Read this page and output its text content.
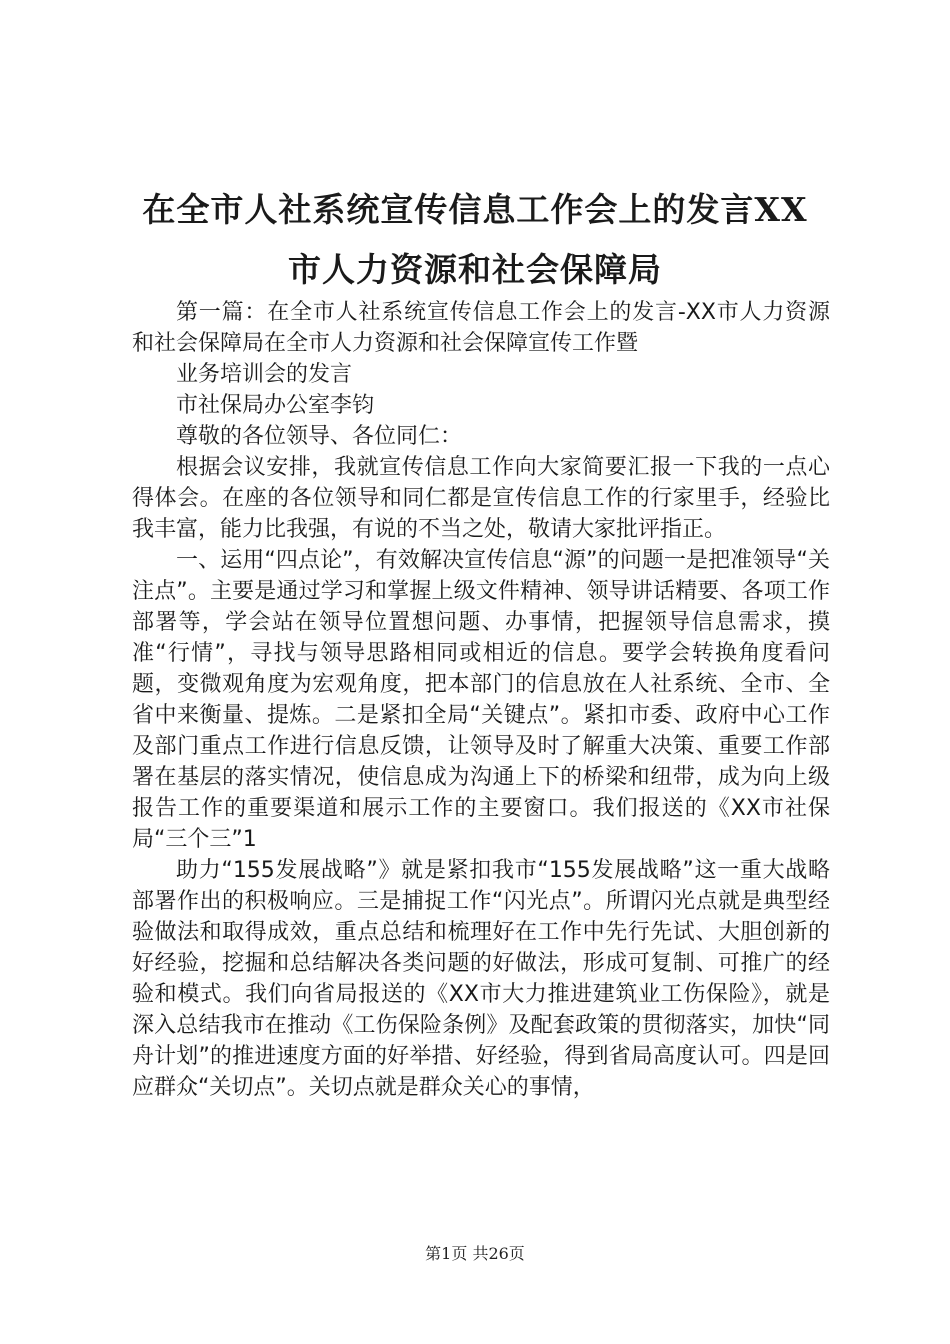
在全市人社系统宣传信息工作会上的发言XX
市人力资源和社会保障局

第一篇：在全市人社系统宣传信息工作会上的发言-XX市人力资源和社会保障局在全市人力资源和社会保障宣传工作暨

业务培训会的发言

市社保局办公室李钧

尊敬的各位领导、各位同仁：

根据会议安排，我就宣传信息工作向大家简要汇报一下我的一点心得体会。在座的各位领导和同仁都是宣传信息工作的行家里手，经验比我丰富，能力比我强，有说的不当之处，敬请大家批评指正。

一、运用“四点论”，有效解决宣传信息“源”的问题一是把准领导“关注点”。主要是通过学习和掌握上级文件精神、领导讲话精要、各项工作部署等，学会站在领导位置想问题、办事情，把握领导信息需求，摸准“行情”，寻找与领导思路相同或相近的信息。要学会转换角度看问题，变微观角度为宏观角度，把本部门的信息放在人社系统、全市、全省中来衡量、提炼。二是紧扣全局“关键点”。紧扣市委、政府中心工作及部门重点工作进行信息反馈，让领导及时了解重大决策、重要工作部署在基层的落实情况，使信息成为沟通上下的桥梁和纽带，成为向上级报告工作的重要渠道和展示工作的主要窗口。我们报送的《XX市社保局“三个三”1

助力“155发展战略”》就是紧扣我市“155发展战略”这一重大战略部署作出的积极响应。三是捕捉工作“闪光点”。所谓闪光点就是典型经验做法和取得成效，重点总结和梳理好在工作中先行先试、大胆创新的好经验，挖掘和总结解决各类问题的好做法，形成可复制、可推广的经验和模式。我们向省局报送的《XX市大力推进建筑业工伤保险》，就是深入总结我市在推动《工伤保险条例》及配套政策的贯彻落实，加快“同舟计划”的推进速度方面的好举措、好经验，得到省局高度认可。四是回应群众“关切点”。关切点就是群众关心的事情，

第1页 共26页
